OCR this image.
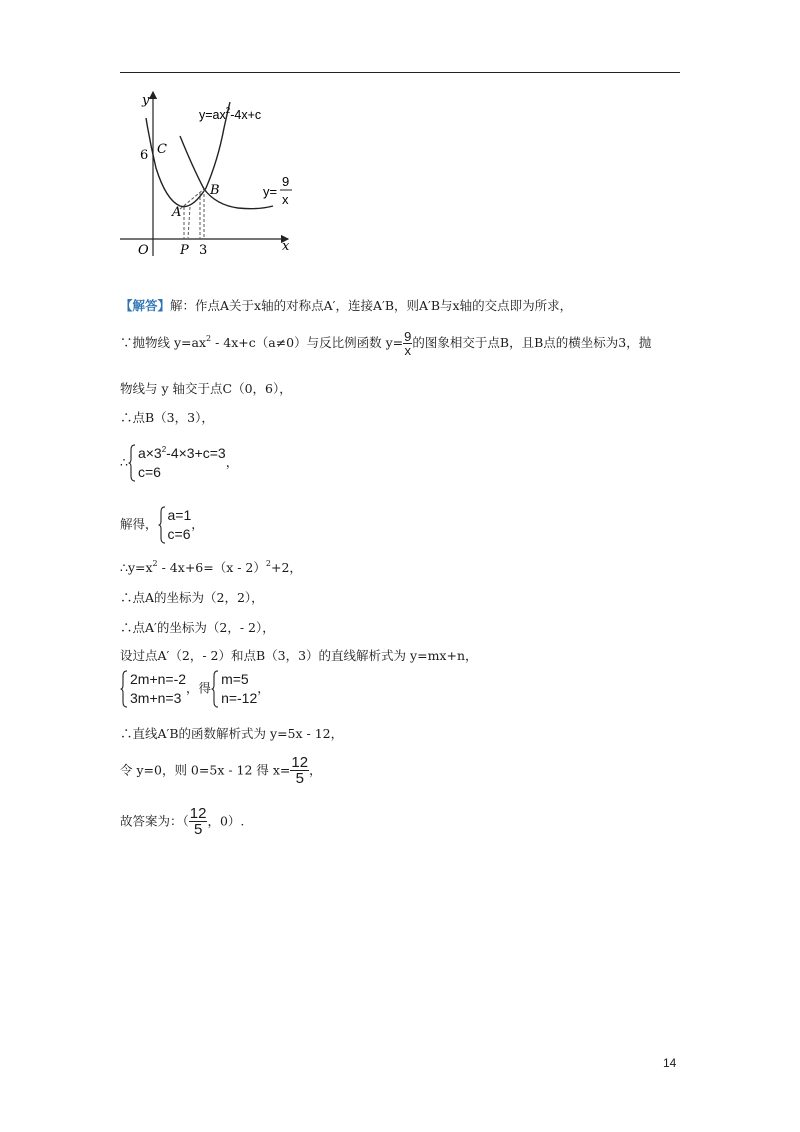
y
x
O
6
3
C
A
B
P
$y=ax^2-4x+c$
y=
9
x
【解答】解：作点A关于x轴的对称点A′，连接A′B，则A′B与x轴的交点即为所求，
∵抛物线 $y=ax^2 - 4x+c(a\ne 0)$与反比例函数 $y= \frac{9}{x}$ 的图象相交于点B，且B点的横坐标为3，抛
物线与 y 轴交于点C（0，6），
∴点B（3，3），
∴
$a\times 3^2-4\times 3+c=3$
c=6
，
解得，
a=1
c=6
，
$\therefore y=x^2 - 4x+6=(x - 2)^2+2$，
∴点A的坐标为（2，2），
∴点A′的坐标为（2，- 2），
设过点A′（2，- 2）和点B（3，3）的直线解析式为 y=mx+n，
2m+n=-2
3m+n=3
，得
m=5
n=-12
，
∴直线A′B的函数解析式为 y=5x - 12，
令 y=0，则 0=5x - 12 得 $x= \frac{12}{5}$ ，
故答案为：（ $\frac{12}{5}$ ，0）.
14
